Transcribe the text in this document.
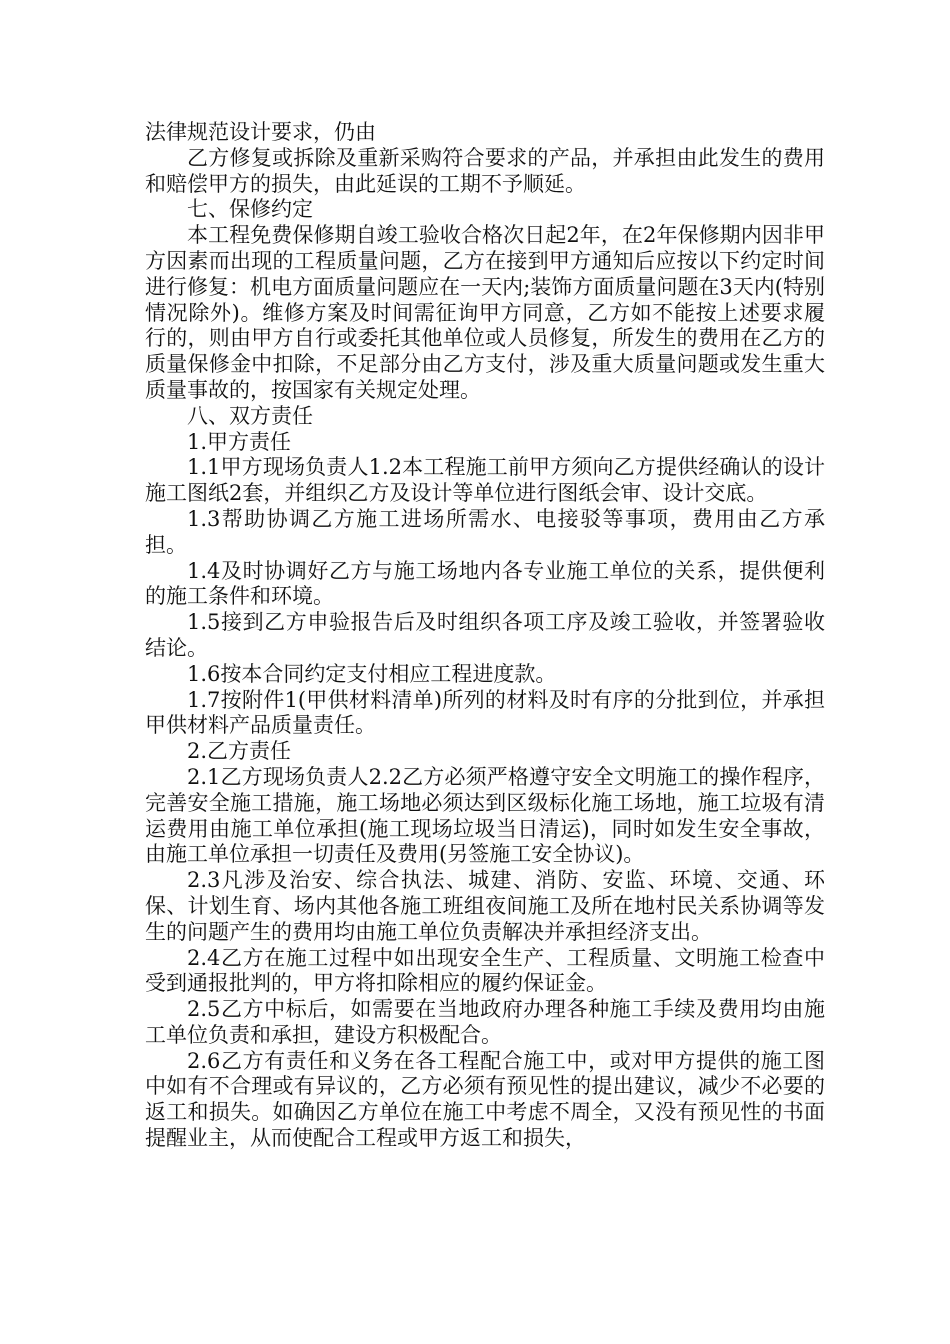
法律规范设计要求，仍由

乙方修复或拆除及重新采购符合要求的产品，并承担由此发生的费用和赔偿甲方的损失，由此延误的工期不予顺延。

七、保修约定

本工程免费保修期自竣工验收合格次日起2年，在2年保修期内因非甲方因素而出现的工程质量问题，乙方在接到甲方通知后应按以下约定时间进行修复：机电方面质量问题应在一天内;装饰方面质量问题在3天内(特别情况除外)。维修方案及时间需征询甲方同意，乙方如不能按上述要求履行的，则由甲方自行或委托其他单位或人员修复，所发生的费用在乙方的质量保修金中扣除，不足部分由乙方支付，涉及重大质量问题或发生重大质量事故的，按国家有关规定处理。

八、双方责任

1.甲方责任

1.1甲方现场负责人1.2本工程施工前甲方须向乙方提供经确认的设计施工图纸2套，并组织乙方及设计等单位进行图纸会审、设计交底。

1.3帮助协调乙方施工进场所需水、电接驳等事项，费用由乙方承担。

1.4及时协调好乙方与施工场地内各专业施工单位的关系，提供便利的施工条件和环境。

1.5接到乙方申验报告后及时组织各项工序及竣工验收，并签署验收结论。

1.6按本合同约定支付相应工程进度款。

1.7按附件1(甲供材料清单)所列的材料及时有序的分批到位，并承担甲供材料产品质量责任。

2.乙方责任

2.1乙方现场负责人2.2乙方必须严格遵守安全文明施工的操作程序，完善安全施工措施，施工场地必须达到区级标化施工场地，施工垃圾有清运费用由施工单位承担(施工现场垃圾当日清运)，同时如发生安全事故，由施工单位承担一切责任及费用(另签施工安全协议)。

2.3凡涉及治安、综合执法、城建、消防、安监、环境、交通、环保、计划生育、场内其他各施工班组夜间施工及所在地村民关系协调等发生的问题产生的费用均由施工单位负责解决并承担经济支出。

2.4乙方在施工过程中如出现安全生产、工程质量、文明施工检查中受到通报批判的，甲方将扣除相应的履约保证金。

2.5乙方中标后，如需要在当地政府办理各种施工手续及费用均由施工单位负责和承担，建设方积极配合。

2.6乙方有责任和义务在各工程配合施工中，或对甲方提供的施工图中如有不合理或有异议的，乙方必须有预见性的提出建议，减少不必要的返工和损失。如确因乙方单位在施工中考虑不周全，又没有预见性的书面提醒业主，从而使配合工程或甲方返工和损失，
